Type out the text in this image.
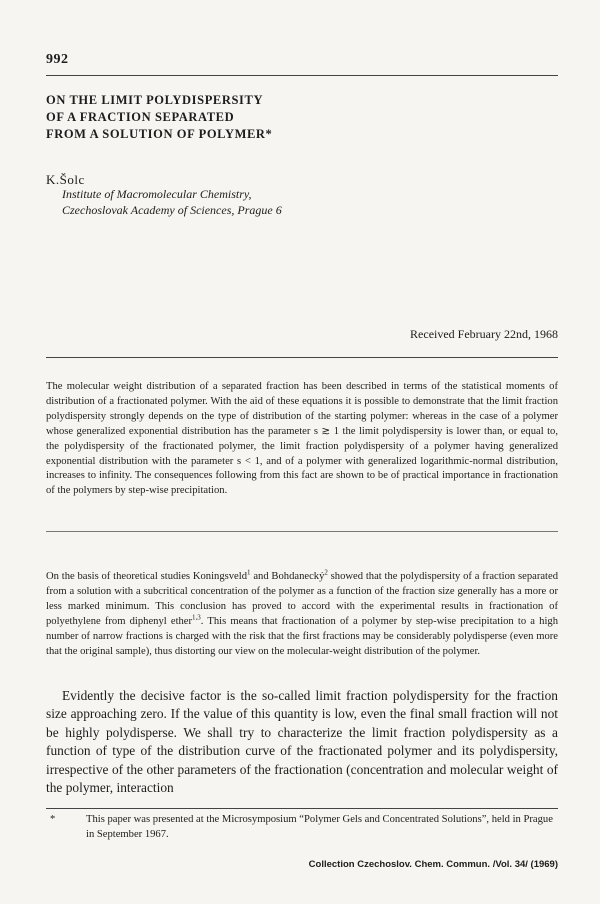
992
ON THE LIMIT POLYDISPERSITY
OF A FRACTION SEPARATED
FROM A SOLUTION OF POLYMER*
K.Šolc
Institute of Macromolecular Chemistry,
Czechoslovak Academy of Sciences, Prague 6
Received February 22nd, 1968
The molecular weight distribution of a separated fraction has been described in terms of the statistical moments of distribution of a fractionated polymer. With the aid of these equations it is possible to demonstrate that the limit fraction polydispersity strongly depends on the type of distribution of the starting polymer: whereas in the case of a polymer whose generalized exponential distribution has the parameter s ≳ 1 the limit polydispersity is lower than, or equal to, the polydispersity of the fractionated polymer, the limit fraction polydispersity of a polymer having generalized exponential distribution with the parameter s < 1, and of a polymer with generalized logarithmic-normal distribution, increases to infinity. The consequences following from this fact are shown to be of practical importance in fractionation of the polymers by step-wise precipitation.
On the basis of theoretical studies Koningsveld$^1$ and Bohdanecký$^2$ showed that the polydispersity of a fraction separated from a solution with a subcritical concentration of the polymer as a function of the fraction size generally has a more or less marked minimum. This conclusion has proved to accord with the experimental results in fractionation of polyethylene from diphenyl ether$^{1,3}$. This means that fractionation of a polymer by step-wise precipitation to a high number of narrow fractions is charged with the risk that the first fractions may be considerably polydisperse (even more that the original sample), thus distorting our view on the molecular-weight distribution of the polymer.
Evidently the decisive factor is the so-called limit fraction polydispersity for the fraction size approaching zero. If the value of this quantity is low, even the final small fraction will not be highly polydisperse. We shall try to characterize the limit fraction polydispersity as a function of type of the distribution curve of the fractionated polymer and its polydispersity, irrespective of the other parameters of the fractionation (concentration and molecular weight of the polymer, interaction
*	This paper was presented at the Microsymposium “Polymer Gels and Concentrated Solutions”, held in Prague in September 1967.
Collection Czechoslov. Chem. Commun. /Vol. 34/ (1969)
